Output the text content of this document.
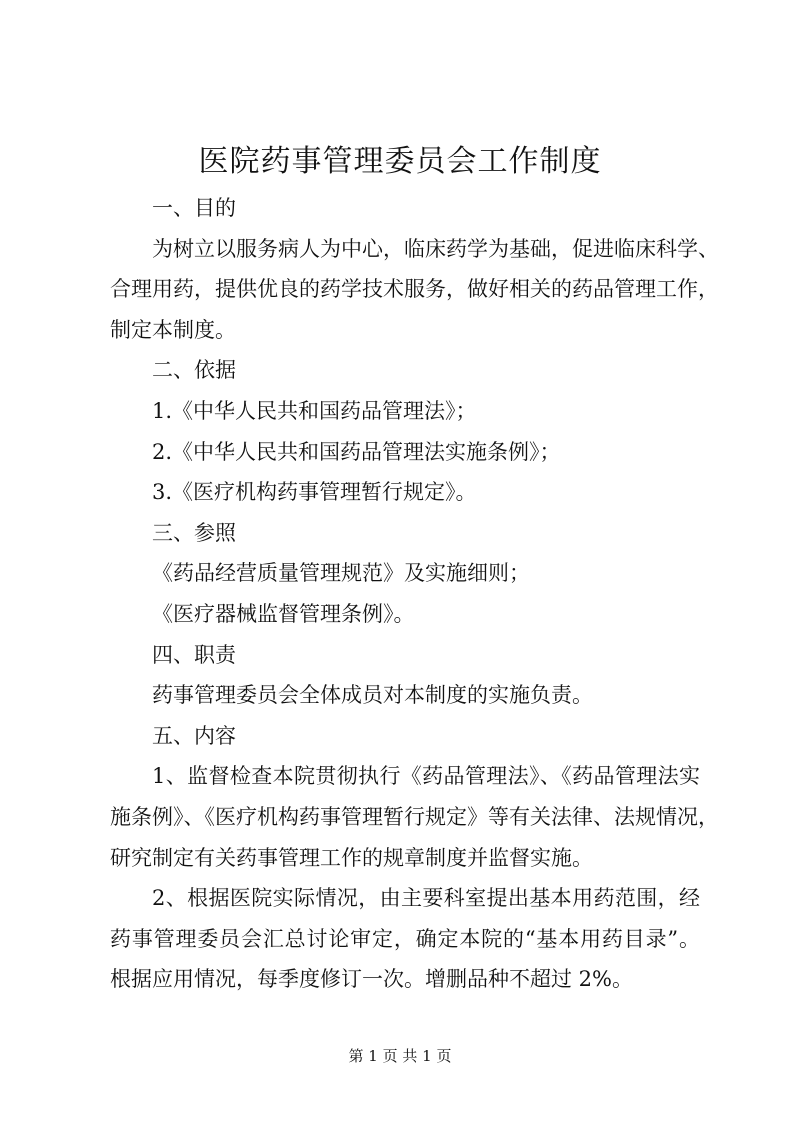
医院药事管理委员会工作制度

一、目的

为树立以服务病人为中心，临床药学为基础，促进临床科学、

合理用药，提供优良的药学技术服务，做好相关的药品管理工作，

制定本制度。

二、依据

1.《中华人民共和国药品管理法》；

2.《中华人民共和国药品管理法实施条例》；

3.《医疗机构药事管理暂行规定》。

三、参照

《药品经营质量管理规范》及实施细则；

《医疗器械监督管理条例》。

四、职责

药事管理委员会全体成员对本制度的实施负责。

五、内容

1、监督检查本院贯彻执行《药品管理法》、《药品管理法实

施条例》、《医疗机构药事管理暂行规定》等有关法律、法规情况，

研究制定有关药事管理工作的规章制度并监督实施。

2、根据医院实际情况，由主要科室提出基本用药范围，经

药事管理委员会汇总讨论审定，确定本院的“基本用药目录”。

根据应用情况，每季度修订一次。增删品种不超过 2%。

第 1 页 共 1 页
